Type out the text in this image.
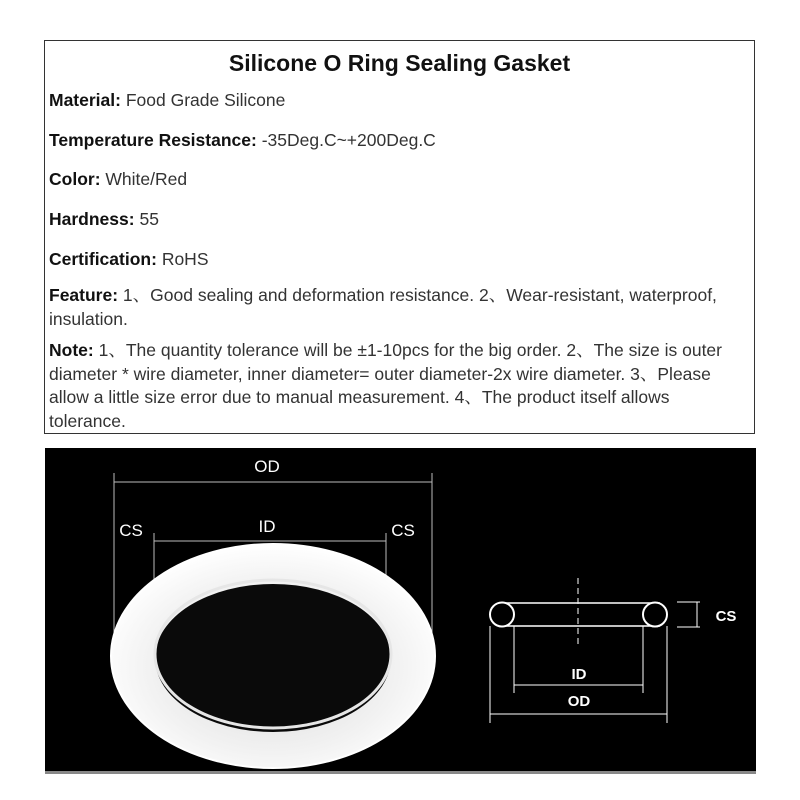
Silicone O Ring Sealing Gasket
Material: Food Grade Silicone
Temperature Resistance: -35Deg.C~+200Deg.C
Color: White/Red
Hardness: 55
Certification: RoHS
Feature: 1、Good sealing and deformation resistance. 2、Wear-resistant, waterproof, insulation.
Note: 1、The quantity tolerance will be ±1-10pcs for the big order. 2、The size is outer diameter * wire diameter, inner diameter= outer diameter-2x wire diameter. 3、Please allow a little size error due to manual measurement. 4、The product itself allows tolerance.
OD
ID
CS	CS
CS
ID
OD
